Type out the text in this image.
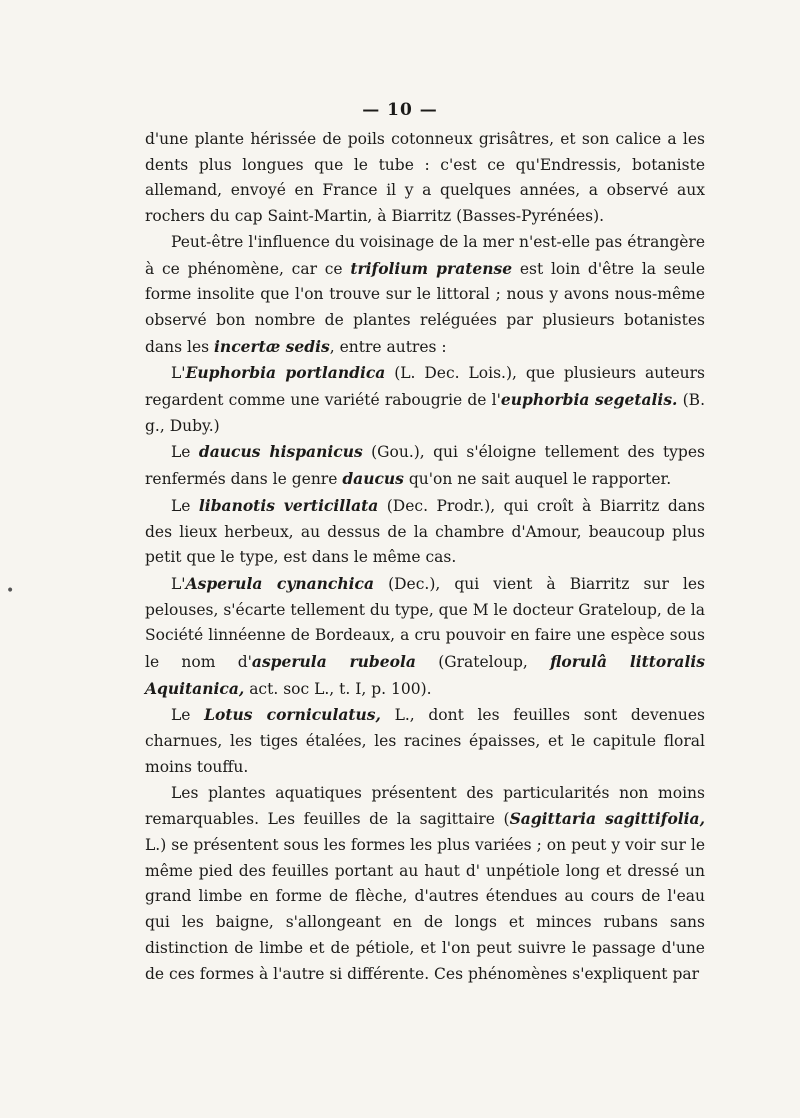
— 10 —
•

d'une plante hérissée de poils cotonneux grisâtres, et son calice a les dents plus longues que le tube : c'est ce qu'Endressis, botaniste allemand, envoyé en France il y a quelques années, a observé aux rochers du cap Saint-Martin, à Biarritz (Basses-Pyrénées).

Peut-être l'influence du voisinage de la mer n'est-elle pas étrangère à ce phénomène, car ce trifolium pratense est loin d'être la seule forme insolite que l'on trouve sur le littoral ; nous y avons nous-même observé bon nombre de plantes reléguées par plusieurs botanistes dans les incertæ sedis, entre autres :

L'Euphorbia portlandica (L. Dec. Lois.), que plusieurs auteurs regardent comme une variété rabougrie de l'euphorbia segetalis. (B. g., Duby.)

Le daucus hispanicus (Gou.), qui s'éloigne tellement des types renfermés dans le genre daucus qu'on ne sait auquel le rapporter.

Le libanotis verticillata (Dec. Prodr.), qui croît à Biarritz dans des lieux herbeux, au dessus de la chambre d'Amour, beaucoup plus petit que le type, est dans le même cas.

L'Asperula cynanchica (Dec.), qui vient à Biarritz sur les pelouses, s'écarte tellement du type, que M le docteur Grateloup, de la Société linnéenne de Bordeaux, a cru pouvoir en faire une espèce sous le nom d'asperula rubeola (Grateloup, florulâ littoralis Aquitanica, act. soc L., t. I, p. 100).

Le Lotus corniculatus, L., dont les feuilles sont devenues charnues, les tiges étalées, les racines épaisses, et le capitule floral moins touffu.

Les plantes aquatiques présentent des particularités non moins remarquables. Les feuilles de la sagittaire (Sagittaria sagittifolia, L.) se présentent sous les formes les plus variées ; on peut y voir sur le même pied des feuilles portant au haut d' unpétiole long et dressé un grand limbe en forme de flèche, d'autres étendues au cours de l'eau qui les baigne, s'allongeant en de longs et minces rubans sans distinction de limbe et de pétiole, et l'on peut suivre le passage d'une de ces formes à l'autre si différente. Ces phénomènes s'expliquent par
